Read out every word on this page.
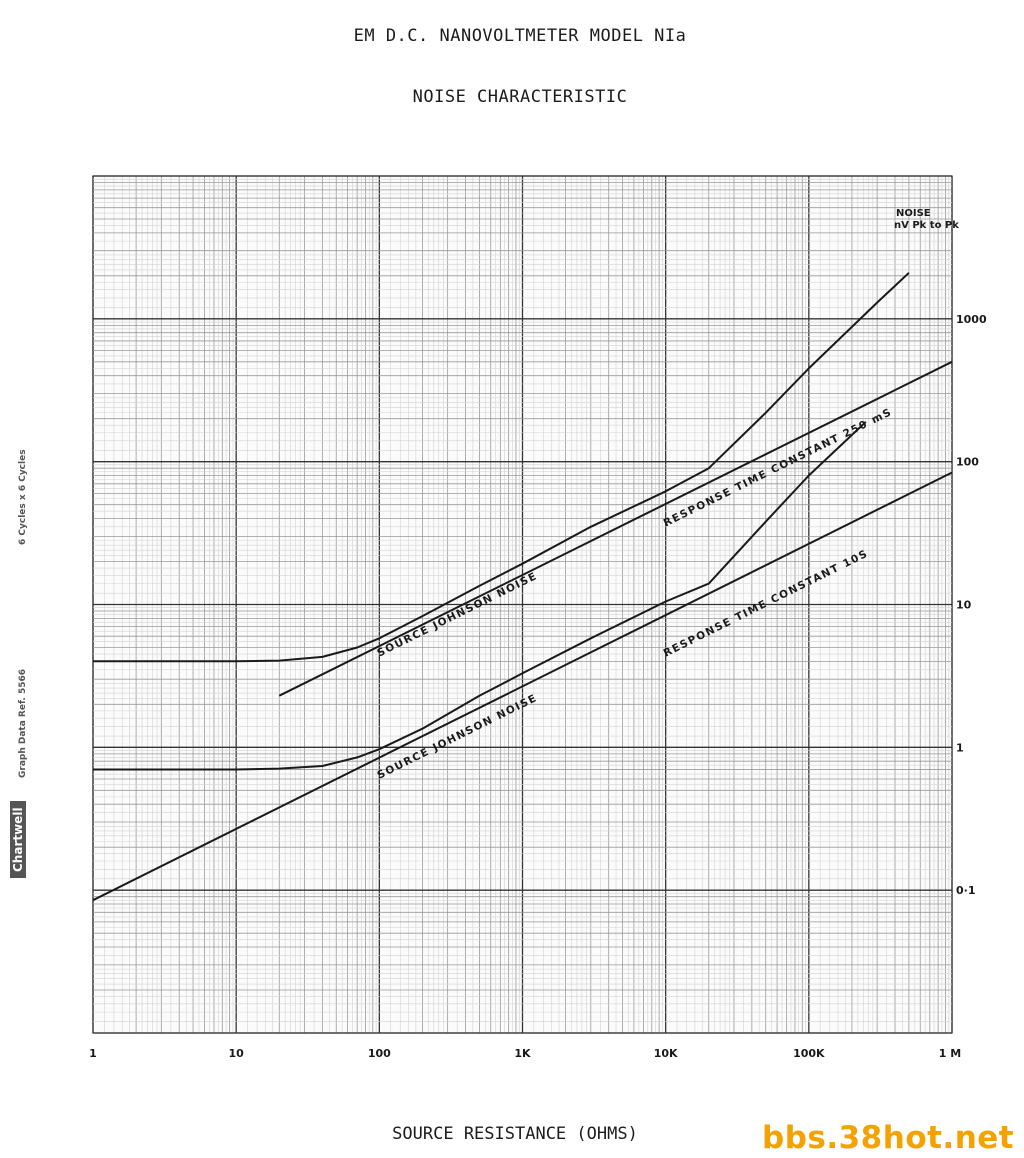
EM D.C. NANOVOLTMETER MODEL NIa
NOISE CHARACTERISTIC
6 Cycles x 6 Cycles
Graph Data Ref. 5566
Chartwell
SOURCE JOHNSON NOISE
RESPONSE TIME CONSTANT 250 mS
SOURCE JOHNSON NOISE
RESPONSE TIME CONSTANT 10S
1	10	100	1K	10K	100K	1 M
0·1
1
10
100
1000
NOISE
nV Pk to Pk
SOURCE RESISTANCE (OHMS)	bbs.38hot.net
